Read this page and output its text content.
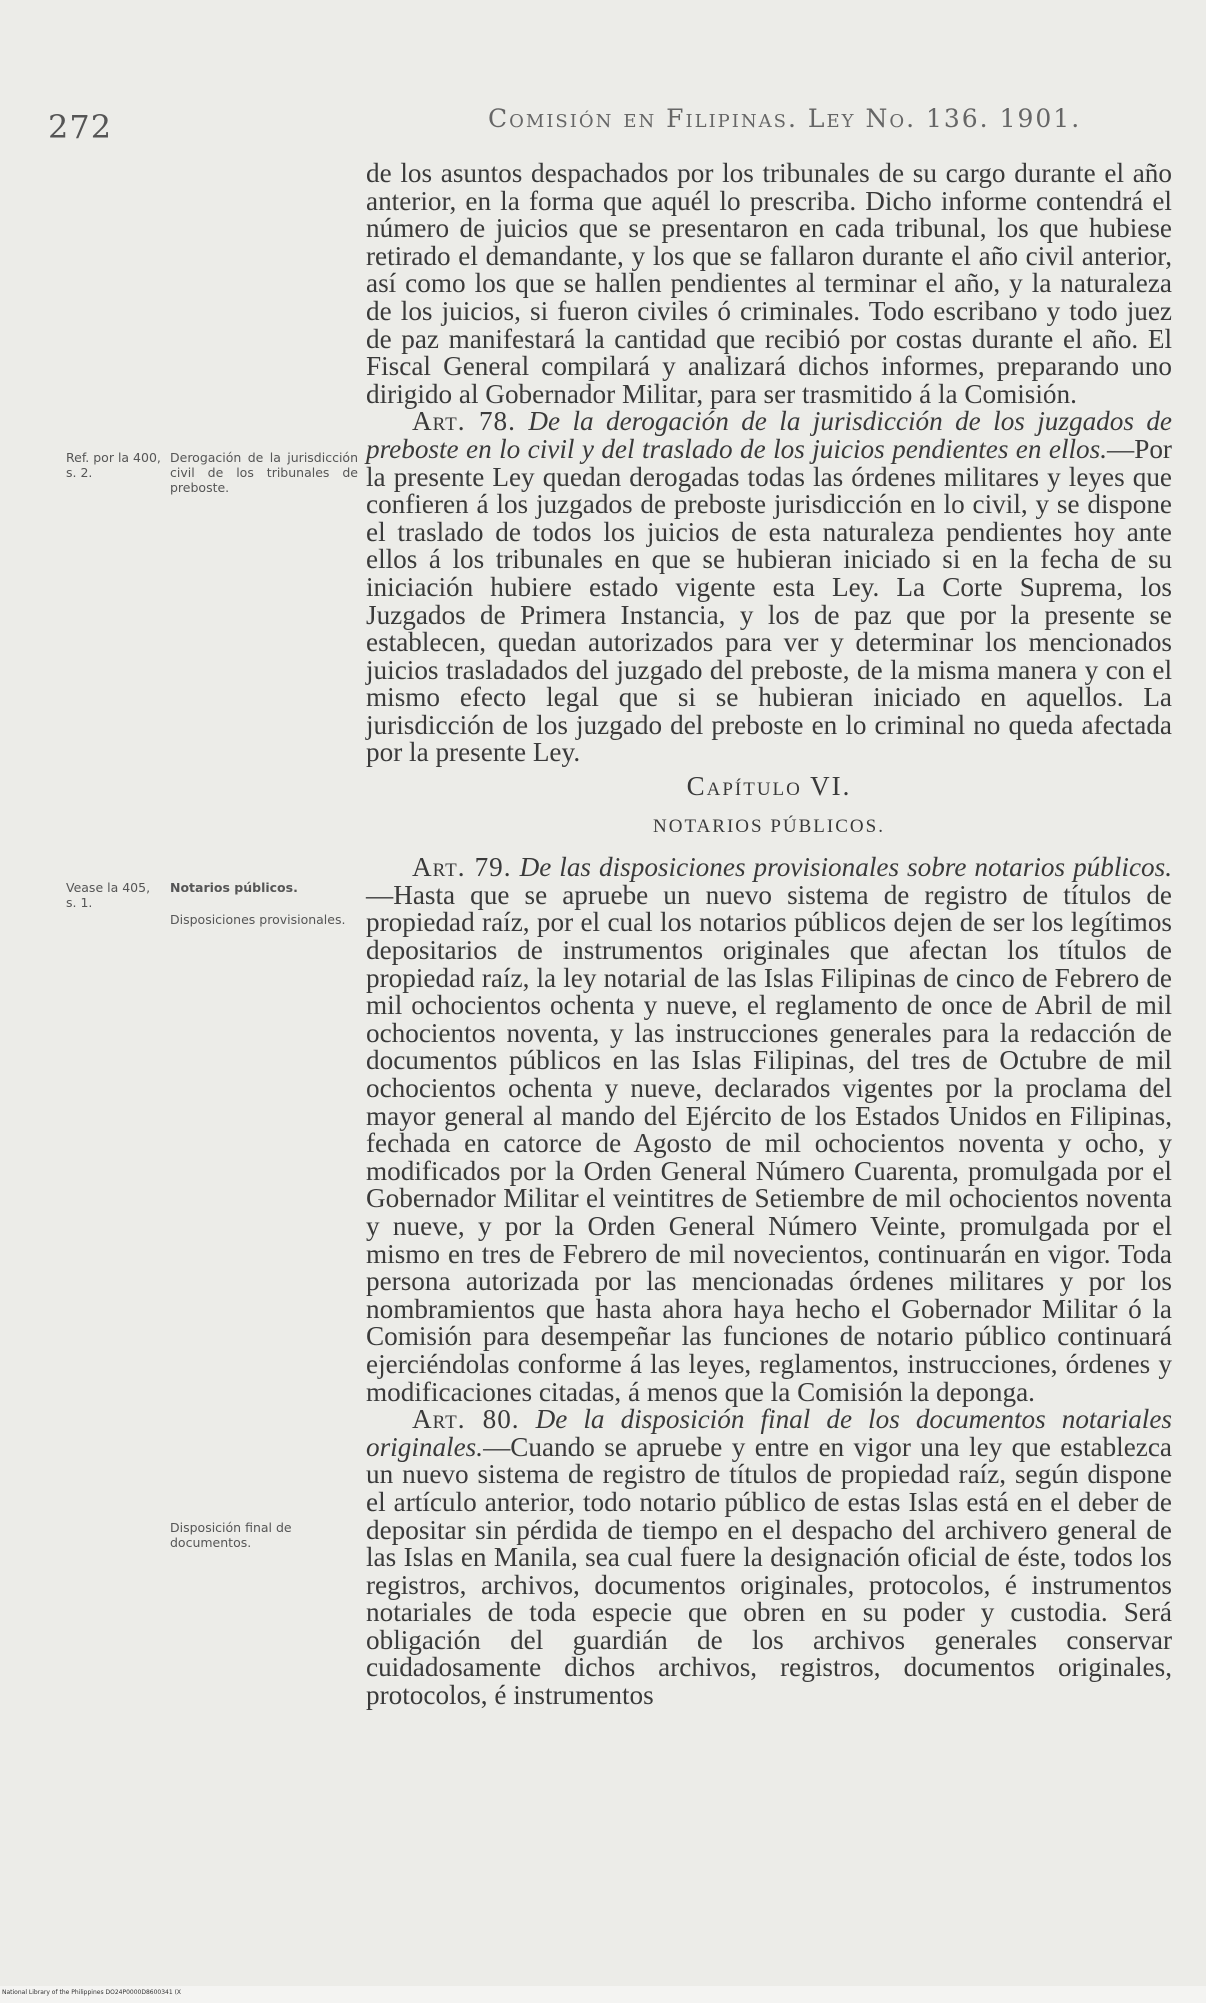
272	Comisión en Filipinas. Ley No. 136. 1901.
Ref. por la 400, s. 2.
Derogación de la jurisdicción civil de los tribunales de preboste.
Vease la 405, s. 1.
Notarios públicos.
Disposiciones provisionales.
Disposición final de documentos.

de los asuntos despachados por los tribunales de su cargo durante el año anterior, en la forma que aquél lo prescriba. Dicho informe contendrá el número de juicios que se presentaron en cada tribunal, los que hubiese retirado el demandante, y los que se fallaron durante el año civil anterior, así como los que se hallen pendientes al terminar el año, y la naturaleza de los juicios, si fueron civiles ó criminales. Todo escribano y todo juez de paz manifestará la cantidad que recibió por costas durante el año. El Fiscal General compilará y analizará dichos informes, preparando uno dirigido al Gobernador Militar, para ser trasmitido á la Comisión.

Art. 78. De la derogación de la jurisdicción de los juzgados de preboste en lo civil y del traslado de los juicios pendientes en ellos.—Por la presente Ley quedan derogadas todas las órdenes militares y leyes que confieren á los juzgados de preboste jurisdicción en lo civil, y se dispone el traslado de todos los juicios de esta naturaleza pendientes hoy ante ellos á los tribunales en que se hubieran iniciado si en la fecha de su iniciación hubiere estado vigente esta Ley. La Corte Suprema, los Juzgados de Primera Instancia, y los de paz que por la presente se establecen, quedan autorizados para ver y determinar los mencionados juicios trasladados del juzgado del preboste, de la misma manera y con el mismo efecto legal que si se hubieran iniciado en aquellos. La jurisdicción de los juzgado del preboste en lo criminal no queda afectada por la presente Ley.

Capítulo VI.
NOTARIOS PÚBLICOS.

Art. 79. De las disposiciones provisionales sobre notarios públicos.—Hasta que se apruebe un nuevo sistema de registro de títulos de propiedad raíz, por el cual los notarios públicos dejen de ser los legítimos depositarios de instrumentos originales que afectan los títulos de propiedad raíz, la ley notarial de las Islas Filipinas de cinco de Febrero de mil ochocientos ochenta y nueve, el reglamento de once de Abril de mil ochocientos noventa, y las instrucciones generales para la redacción de documentos públicos en las Islas Filipinas, del tres de Octubre de mil ochocientos ochenta y nueve, declarados vigentes por la proclama del mayor general al mando del Ejército de los Estados Unidos en Filipinas, fechada en catorce de Agosto de mil ochocientos noventa y ocho, y modificados por la Orden General Número Cuarenta, promulgada por el Gobernador Militar el veintitres de Setiembre de mil ochocientos noventa y nueve, y por la Orden General Número Veinte, promulgada por el mismo en tres de Febrero de mil novecientos, continuarán en vigor. Toda persona autorizada por las mencionadas órdenes militares y por los nombramientos que hasta ahora haya hecho el Gobernador Militar ó la Comisión para desempeñar las funciones de notario público continuará ejerciéndolas conforme á las leyes, reglamentos, instrucciones, órdenes y modificaciones citadas, á menos que la Comisión la deponga.

Art. 80. De la disposición final de los documentos notariales originales.—Cuando se apruebe y entre en vigor una ley que establezca un nuevo sistema de registro de títulos de propiedad raíz, según dispone el artículo anterior, todo notario público de estas Islas está en el deber de depositar sin pérdida de tiempo en el despacho del archivero general de las Islas en Manila, sea cual fuere la designación oficial de éste, todos los registros, archivos, documentos originales, protocolos, é instrumentos notariales de toda especie que obren en su poder y custodia. Será obligación del guardián de los archivos generales conservar cuidadosamente dichos archivos, registros, documentos originales, protocolos, é instrumentos

National Library of the Philippines DO24P0000D8600341 (X
